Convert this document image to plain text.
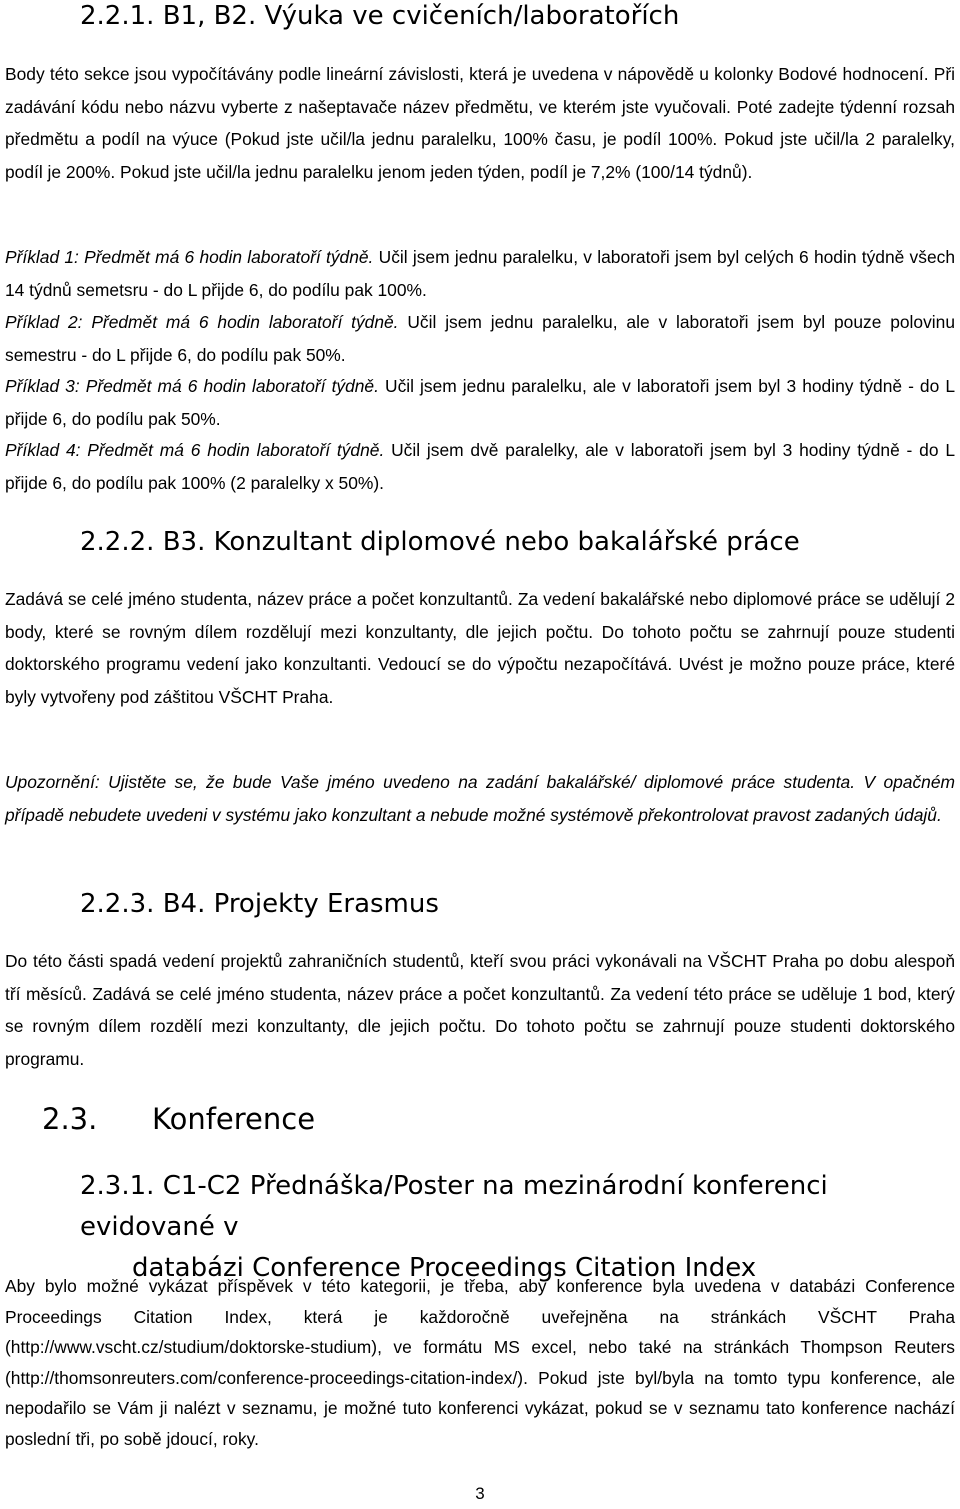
2.2.1. B1, B2. Výuka ve cvičeních/laboratořích
Body této sekce jsou vypočítávány podle lineární závislosti, která je uvedena v nápovědě u kolonky Bodové hodnocení. Při zadávání kódu nebo názvu vyberte z našeptavače název předmětu, ve kterém jste vyučovali. Poté zadejte týdenní rozsah předmětu a podíl na výuce (Pokud jste učil/la jednu paralelku, 100% času, je podíl 100%. Pokud jste učil/la 2 paralelky, podíl je 200%. Pokud jste učil/la jednu paralelku jenom jeden týden, podíl je 7,2% (100/14 týdnů).
Příklad 1: Předmět má 6 hodin laboratoří týdně. Učil jsem jednu paralelku, v laboratoři jsem byl celých 6 hodin týdně všech 14 týdnů semetsru - do L přijde 6, do podílu pak 100%.
Příklad 2: Předmět má 6 hodin laboratoří týdně. Učil jsem jednu paralelku, ale v laboratoři jsem byl pouze polovinu semestru - do L přijde 6, do podílu pak 50%.
Příklad 3: Předmět má 6 hodin laboratoří týdně. Učil jsem jednu paralelku, ale v laboratoři jsem byl 3 hodiny týdně - do L přijde 6, do podílu pak 50%.
Příklad 4: Předmět má 6 hodin laboratoří týdně. Učil jsem dvě paralelky, ale v laboratoři jsem byl 3 hodiny týdně - do L přijde 6, do podílu pak 100% (2 paralelky x 50%).
2.2.2. B3. Konzultant diplomové nebo bakalářské práce
Zadává se celé jméno studenta, název práce a počet konzultantů. Za vedení bakalářské nebo diplomové práce se udělují 2 body, které se rovným dílem rozdělují mezi konzultanty, dle jejich počtu. Do tohoto počtu se zahrnují pouze studenti doktorského programu vedení jako konzultanti. Vedoucí se do výpočtu nezapočítává. Uvést je možno pouze práce, které byly vytvořeny pod záštitou VŠCHT Praha.
Upozornění: Ujistěte se, že bude Vaše jméno uvedeno na zadání bakalářské/ diplomové práce studenta. V opačném případě nebudete uvedeni v systému jako konzultant a nebude možné systémově překontrolovat pravost zadaných údajů.
2.2.3. B4. Projekty Erasmus
Do této části spadá vedení projektů zahraničních studentů, kteří svou práci vykonávali na VŠCHT Praha po dobu alespoň tří měsíců. Zadává se celé jméno studenta, název práce a počet konzultantů. Za vedení této práce se uděluje 1 bod, který se rovným dílem rozdělí mezi konzultanty, dle jejich počtu. Do tohoto počtu se zahrnují pouze studenti doktorského programu.
2.3. Konference
2.3.1. C1-C2 Přednáška/Poster na mezinárodní konferenci evidované v
databázi Conference Proceedings Citation Index
Aby bylo možné vykázat příspěvek v této kategorii, je třeba, aby konference byla uvedena v databázi Conference Proceedings Citation Index, která je každoročně uveřejněna na stránkách VŠCHT Praha (http://www.vscht.cz/studium/doktorske-studium), ve formátu MS excel, nebo také na stránkách Thompson Reuters (http://thomsonreuters.com/conference-proceedings-citation-index/). Pokud jste byl/byla na tomto typu konference, ale nepodařilo se Vám ji nalézt v seznamu, je možné tuto konferenci vykázat, pokud se v seznamu tato konference nachází poslední tři, po sobě jdoucí, roky.
3
